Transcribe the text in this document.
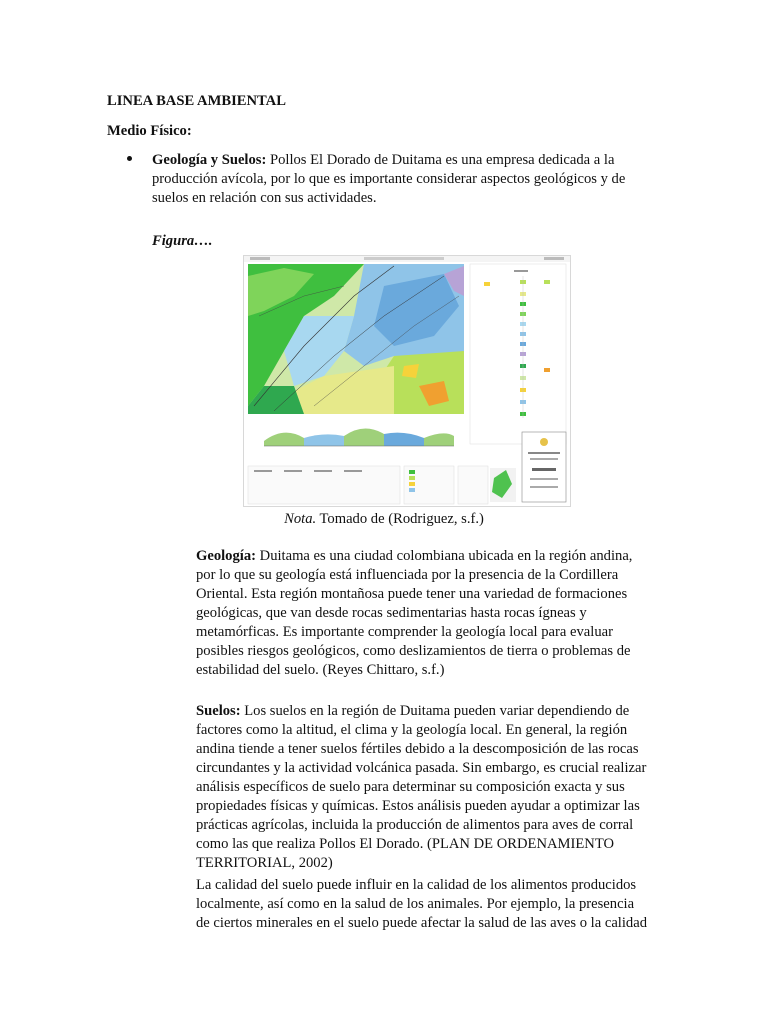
LINEA BASE AMBIENTAL

Medio Físico:

Geología y Suelos: Pollos El Dorado de Duitama es una empresa dedicada a la
producción avícola, por lo que es importante considerar aspectos geológicos y de
suelos en relación con sus actividades.

Figura….

Nota. Tomado de (Rodriguez, s.f.)

Geología: Duitama es una ciudad colombiana ubicada en la región andina,
por lo que su geología está influenciada por la presencia de la Cordillera
Oriental. Esta región montañosa puede tener una variedad de formaciones
geológicas, que van desde rocas sedimentarias hasta rocas ígneas y
metamórficas. Es importante comprender la geología local para evaluar
posibles riesgos geológicos, como deslizamientos de tierra o problemas de
estabilidad del suelo. (Reyes Chittaro, s.f.)
Suelos: Los suelos en la región de Duitama pueden variar dependiendo de
factores como la altitud, el clima y la geología local. En general, la región
andina tiende a tener suelos fértiles debido a la descomposición de las rocas
circundantes y la actividad volcánica pasada. Sin embargo, es crucial realizar
análisis específicos de suelo para determinar su composición exacta y sus
propiedades físicas y químicas. Estos análisis pueden ayudar a optimizar las
prácticas agrícolas, incluida la producción de alimentos para aves de corral
como las que realiza Pollos El Dorado. (PLAN DE ORDENAMIENTO
TERRITORIAL, 2002)
La calidad del suelo puede influir en la calidad de los alimentos producidos
localmente, así como en la salud de los animales. Por ejemplo, la presencia
de ciertos minerales en el suelo puede afectar la salud de las aves o la calidad
